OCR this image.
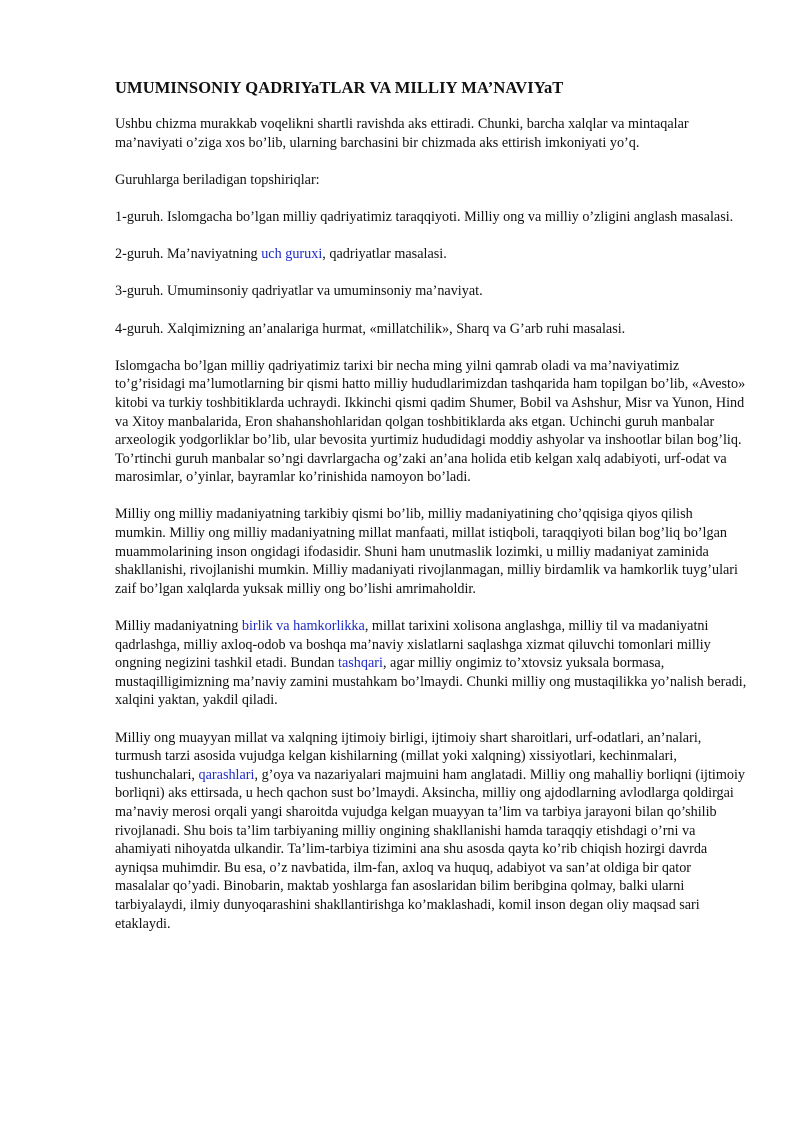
UMUMINSONIY QADRIYaTLAR VA MILLIY MA’NAVIYaT

Ushbu chizma murakkab voqelikni shartli ravishda aks ettiradi. Chunki, barcha xalqlar va mintaqalar ma’naviyati o’ziga xos bo’lib, ularning barchasini bir chizmada aks ettirish imkoniyati yo’q.

Guruhlarga beriladigan topshiriqlar:

1-guruh. Islomgacha bo’lgan milliy qadriyatimiz taraqqiyoti. Milliy ong va milliy o’zligini anglash masalasi.

2-guruh. Ma’naviyatning uch guruxi, qadriyatlar masalasi.

3-guruh. Umuminsoniy qadriyatlar va umuminsoniy ma’naviyat.

4-guruh. Xalqimizning an’analariga hurmat, «millatchilik», Sharq va G’arb ruhi masalasi.

Islomgacha bo’lgan milliy qadriyatimiz tarixi bir necha ming yilni qamrab oladi va ma’naviyatimiz to’g’risidagi ma’lumotlarning bir qismi hatto milliy hududlarimizdan tashqarida ham topilgan bo’lib, «Avesto» kitobi va turkiy toshbitiklarda uchraydi. Ikkinchi qismi qadim Shumer, Bobil va Ashshur, Misr va Yunon, Hind va Xitoy manbalarida, Eron shahanshohlaridan qolgan toshbitiklarda aks etgan. Uchinchi guruh manbalar arxeologik yodgorliklar bo’lib, ular bevosita yurtimiz hududidagi moddiy ashyolar va inshootlar bilan bog’liq. To’rtinchi guruh manbalar so’ngi davrlargacha og’zaki an’ana holida etib kelgan xalq adabiyoti, urf-odat va marosimlar, o’yinlar, bayramlar ko’rinishida namoyon bo’ladi.

Milliy ong milliy madaniyatning tarkibiy qismi bo’lib, milliy madaniyatining cho’qqisiga qiyos qilish mumkin. Milliy ong milliy madaniyatning millat manfaati, millat istiqboli, taraqqiyoti bilan bog’liq bo’lgan muammolarining inson ongidagi ifodasidir. Shuni ham unutmaslik lozimki, u milliy madaniyat zaminida shakllanishi, rivojlanishi mumkin. Milliy madaniyati rivojlanmagan, milliy birdamlik va hamkorlik tuyg’ulari zaif bo’lgan xalqlarda yuksak milliy ong bo’lishi amrimaholdir.

Milliy madaniyatning birlik va hamkorlikka, millat tarixini xolisona anglashga, milliy til va madaniyatni qadrlashga, milliy axloq-odob va boshqa ma’naviy xislatlarni saqlashga xizmat qiluvchi tomonlari milliy ongning negizini tashkil etadi. Bundan tashqari, agar milliy ongimiz to’xtovsiz yuksala bormasa, mustaqilligimizning ma’naviy zamini mustahkam bo’lmaydi. Chunki milliy ong mustaqilikka yo’nalish beradi, xalqini yaktan, yakdil qiladi.

Milliy ong muayyan millat va xalqning ijtimoiy birligi, ijtimoiy shart sharoitlari, urf-odatlari, an’nalari, turmush tarzi asosida vujudga kelgan kishilarning (millat yoki xalqning) xissiyotlari, kechinmalari, tushunchalari, qarashlari, g’oya va nazariyalari majmuini ham anglatadi. Milliy ong mahalliy borliqni (ijtimoiy borliqni) aks ettirsada, u hech qachon sust bo’lmaydi. Aksincha, milliy ong ajdodlarning avlodlarga qoldirgai ma’naviy merosi orqali yangi sharoitda vujudga kelgan muayyan ta’lim va tarbiya jarayoni bilan qo’shilib rivojlanadi. Shu bois ta’lim tarbiyaning milliy ongining shakllanishi hamda taraqqiy etishdagi o’rni va ahamiyati nihoyatda ulkandir. Ta’lim-tarbiya tizimini ana shu asosda qayta ko’rib chiqish hozirgi davrda ayniqsa muhimdir. Bu esa, o’z navbatida, ilm-fan, axloq va huquq, adabiyot va san’at oldiga bir qator masalalar qo’yadi. Binobarin, maktab yoshlarga fan asoslaridan bilim beribgina qolmay, balki ularni tarbiyalaydi, ilmiy dunyoqarashini shakllantirishga ko’maklashadi, komil inson degan oliy maqsad sari etaklaydi.
